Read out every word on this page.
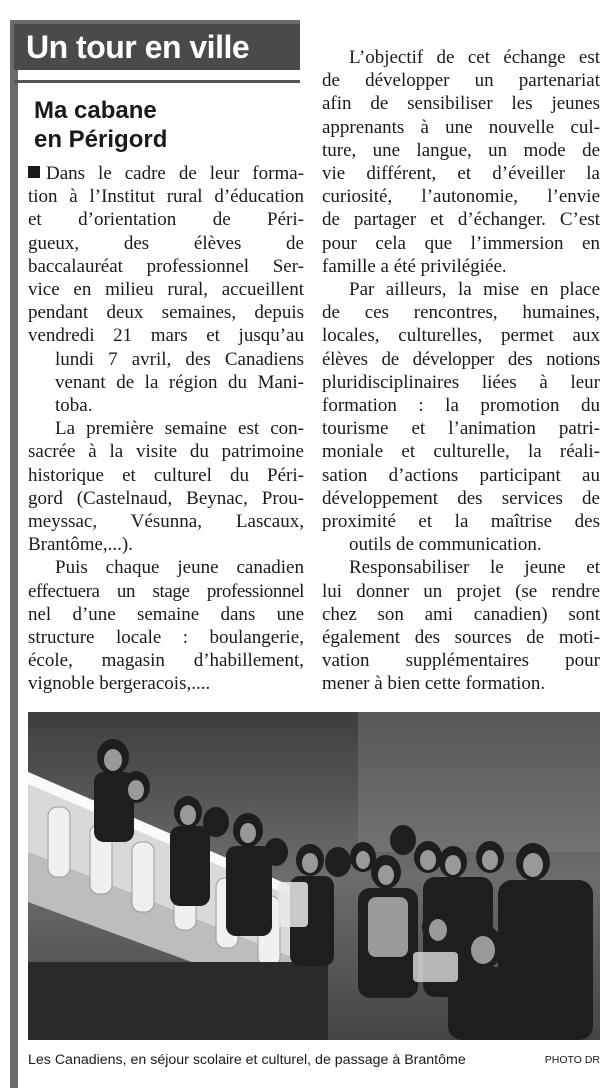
Un tour en ville
Ma cabane
en Périgord
Dans le cadre de leur forma-
tion à l’Institut rural d’éducation
et d’orientation de Péri-
gueux, des élèves de
baccalauréat professionnel Ser-
vice en milieu rural, accueillent
pendant deux semaines, depuis
vendredi 21 mars et jusqu’au
lundi 7 avril, des Canadiens
venant de la région du Mani-
toba.
La première semaine est con-
sacrée à la visite du patrimoine
historique et culturel du Péri-
gord (Castelnaud, Beynac, Prou-
meyssac, Vésunna, Lascaux,
Brantôme,...).
Puis chaque jeune canadien
effectuera un stage professionnel
nel d’une semaine dans une
structure locale : boulangerie,
école, magasin d’habillement,
vignoble bergeracois,....
L’objectif de cet échange est
de développer un partenariat
afin de sensibiliser les jeunes
apprenants à une nouvelle cul-
ture, une langue, un mode de
vie différent, et d’éveiller la
curiosité, l’autonomie, l’envie
de partager et d’échanger. C’est
pour cela que l’immersion en
famille a été privilégiée.
Par ailleurs, la mise en place
de ces rencontres, humaines,
locales, culturelles, permet aux
élèves de développer des notions
pluridisciplinaires liées à leur
formation : la promotion du
tourisme et l’animation patri-
moniale et culturelle, la réali-
sation d’actions participant au
développement des services de
proximité et la maîtrise des
outils de communication.
Responsabiliser le jeune et
lui donner un projet (se rendre
chez son ami canadien) sont
également des sources de moti-
vation supplémentaires pour
mener à bien cette formation.
Les Canadiens, en séjour scolaire et culturel, de passage à Brantôme	PHOTO DR
